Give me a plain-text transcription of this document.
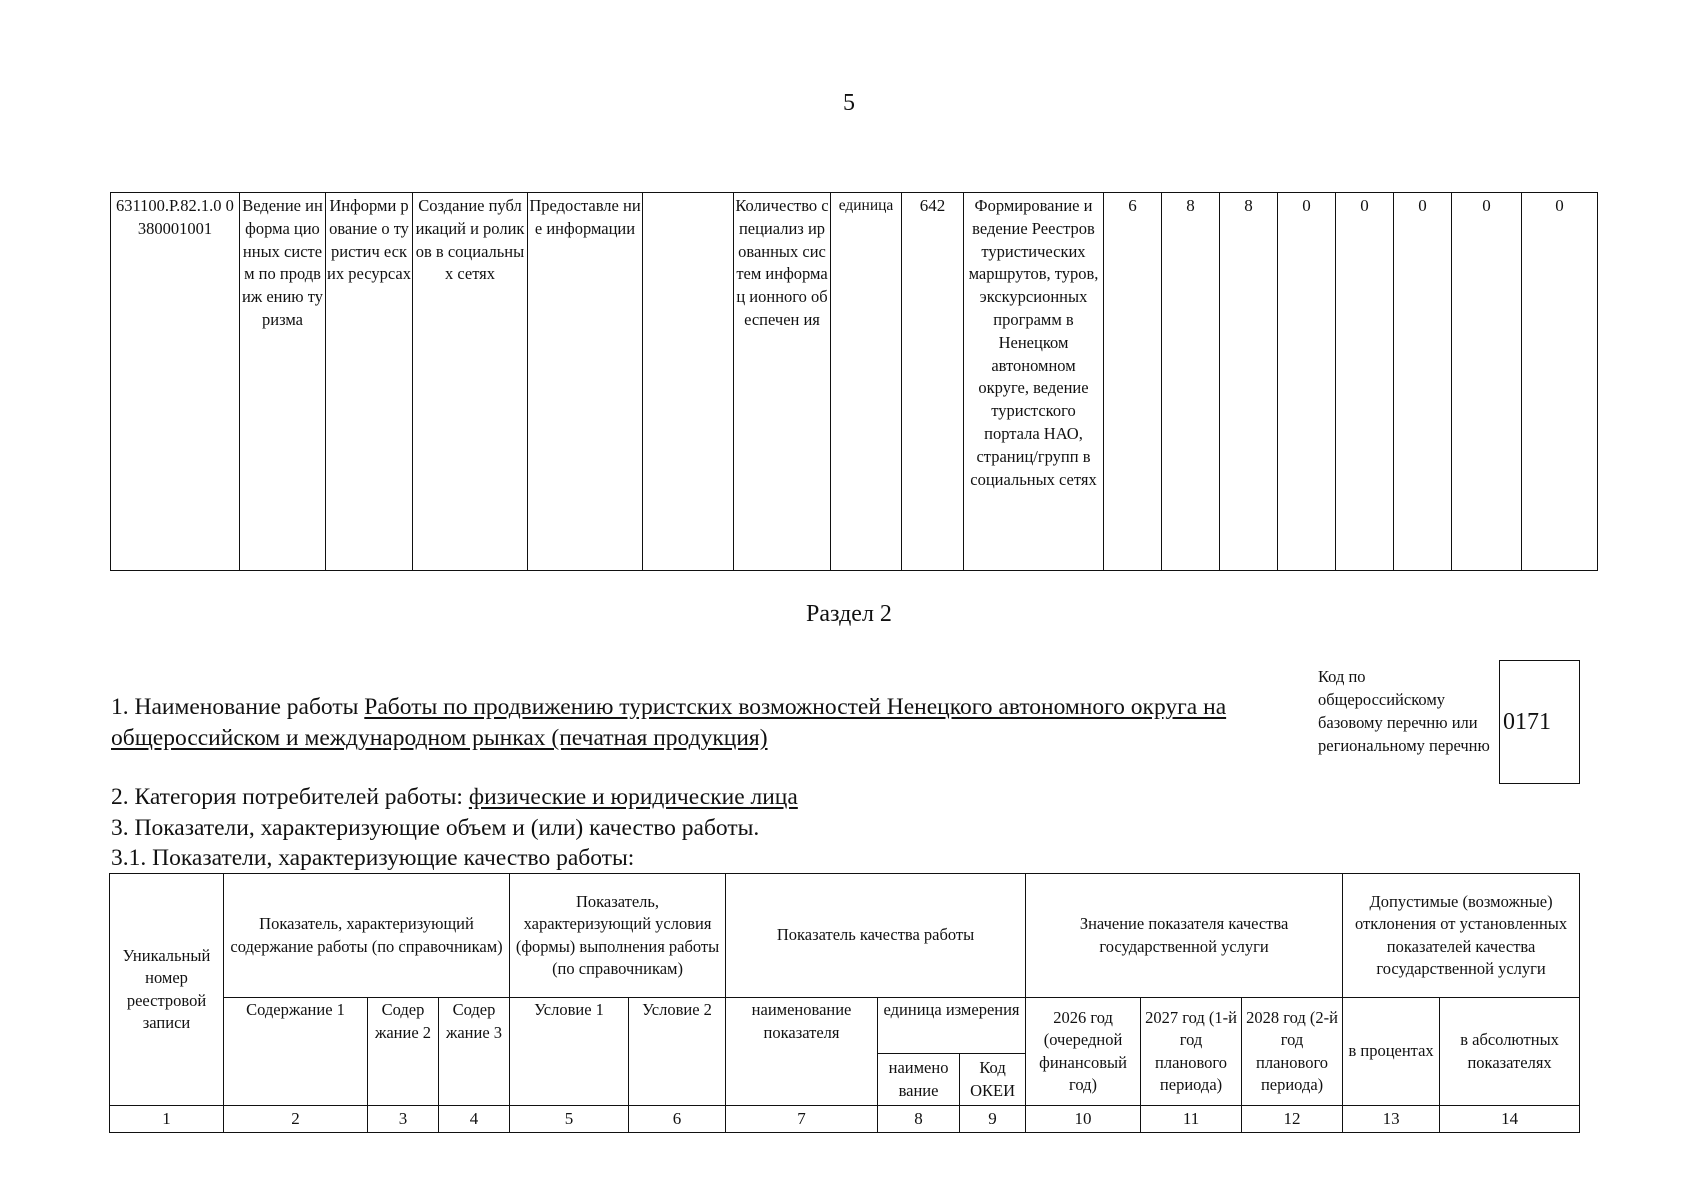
5
631100.Р.82.1.0 0380001001	Ведение информа ционных систем по продвиж ению туризма	Информи рование о туристич еских ресурсах	Создание публикаций и роликов в социальных сетях	Предоставле ние информации		Количество специализ ированных систем информац ионного обеспечен ия	единица	642	Формирование и ведение Реестров туристических маршрутов, туров, экскурсионных программ в Ненецком автономном округе, ведение туристского портала НАО, страниц/групп в социальных сетях	6	8	8	0	0	0	0	0
Раздел 2
1. Наименование работы Работы по продвижению туристских возможностей Ненецкого автономного округа на общероссийском и международном рынках (печатная продукция)
Код по общероссийскому базовому перечню или региональному перечню
0171
2. Категория потребителей работы: физические и юридические лица
3. Показатели, характеризующие объем и (или) качество работы.
3.1. Показатели, характеризующие качество работы:
Уникальный номер реестровой записи	Показатель, характеризующий содержание работы (по справочникам)			Показатель, характеризующий условия (формы) выполнения работы (по справочникам)		Показатель качества работы			Значение показателя качества государственной услуги			Допустимые (возможные) отклонения от установленных показателей качества государственной услуги	
	Содержание 1	Содер жание 2	Содер жание 3	Условие 1	Условие 2	наименование показателя	единица измерения		2026 год (очередной финансовый год)	2027 год (1-й год планового периода)	2028 год (2-й год планового периода)	в процентах	в абсолютных показателях
							наимено вание	Код ОКЕИ					
1	2	3	4	5	6	7	8	9	10	11	12	13	14
